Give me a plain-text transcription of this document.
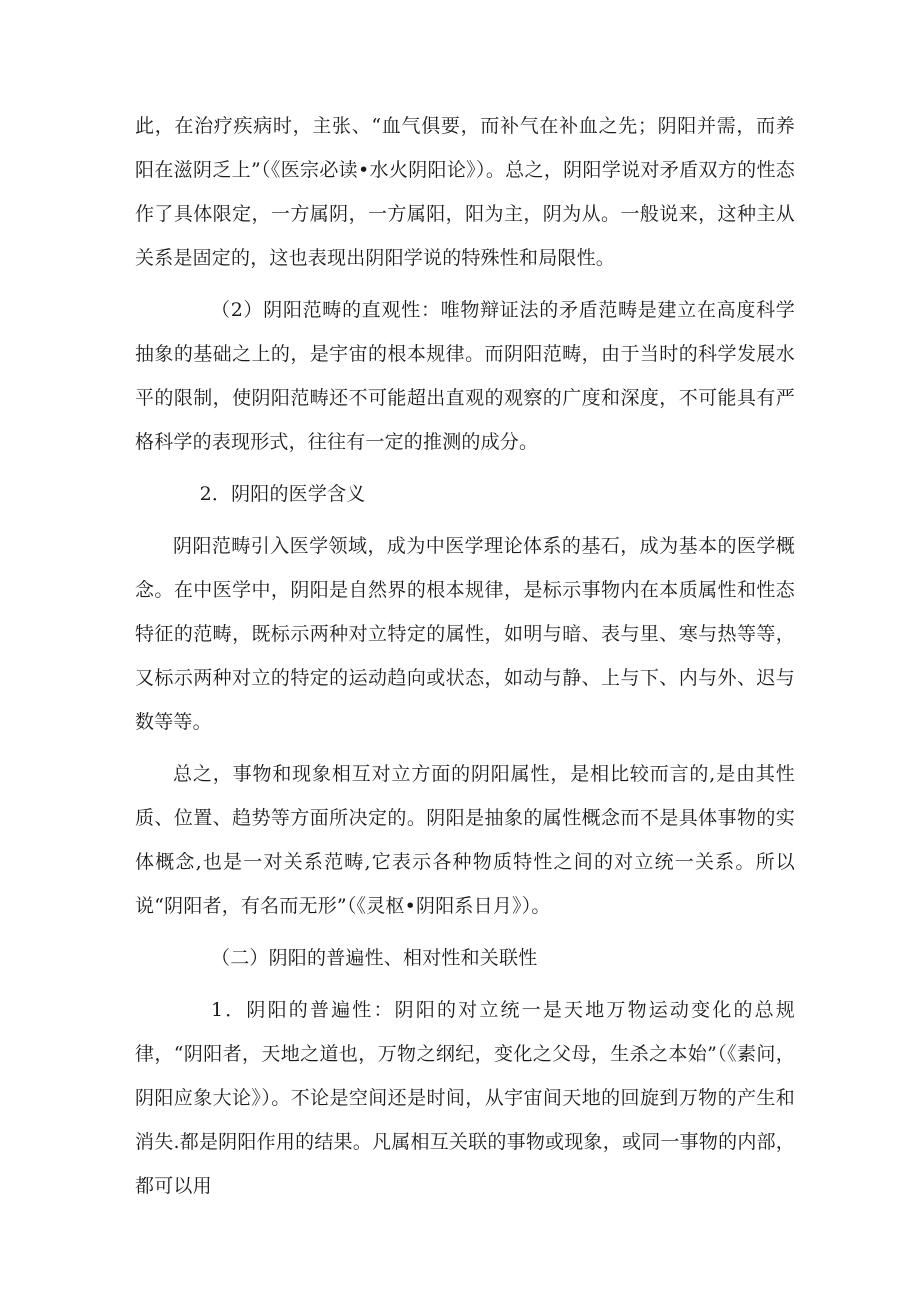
此，在治疗疾病时，主张、“血气俱要，而补气在补血之先；阴阳并需，而养阳在滋阴乏上”（《医宗必读•水火阴阳论》）。总之，阴阳学说对矛盾双方的性态作了具体限定，一方属阴，一方属阳，阳为主，阴为从。一般说来，这种主从关系是固定的，这也表现出阴阳学说的特殊性和局限性。

（2）阴阳范畴的直观性：唯物辩证法的矛盾范畴是建立在高度科学抽象的基础之上的，是宇宙的根本规律。而阴阳范畴，由于当时的科学发展水平的限制，使阴阳范畴还不可能超出直观的观察的广度和深度，不可能具有严格科学的表现形式，往往有一定的推测的成分。

2．阴阳的医学含义

阴阳范畴引入医学领域，成为中医学理论体系的基石，成为基本的医学概念。在中医学中，阴阳是自然界的根本规律，是标示事物内在本质属性和性态特征的范畴，既标示两种对立特定的属性，如明与暗、表与里、寒与热等等，又标示两种对立的特定的运动趋向或状态，如动与静、上与下、内与外、迟与数等等。

总之，事物和现象相互对立方面的阴阳属性，是相比较而言的,是由其性质、位置、趋势等方面所决定的。阴阳是抽象的属性概念而不是具体事物的实体概念,也是一对关系范畴,它表示各种物质特性之间的对立统一关系。所以说“阴阳者，有名而无形”（《灵枢•阴阳系日月》）。

（二）阴阳的普遍性、相对性和关联性

1．阴阳的普遍性：阴阳的对立统一是天地万物运动变化的总规律，“阴阳者，天地之道也，万物之纲纪，变化之父母，生杀之本始”（《素问，阴阳应象大论》）。不论是空间还是时间，从宇宙间天地的回旋到万物的产生和消失.都是阴阳作用的结果。凡属相互关联的事物或现象，或同一事物的内部，都可以用
